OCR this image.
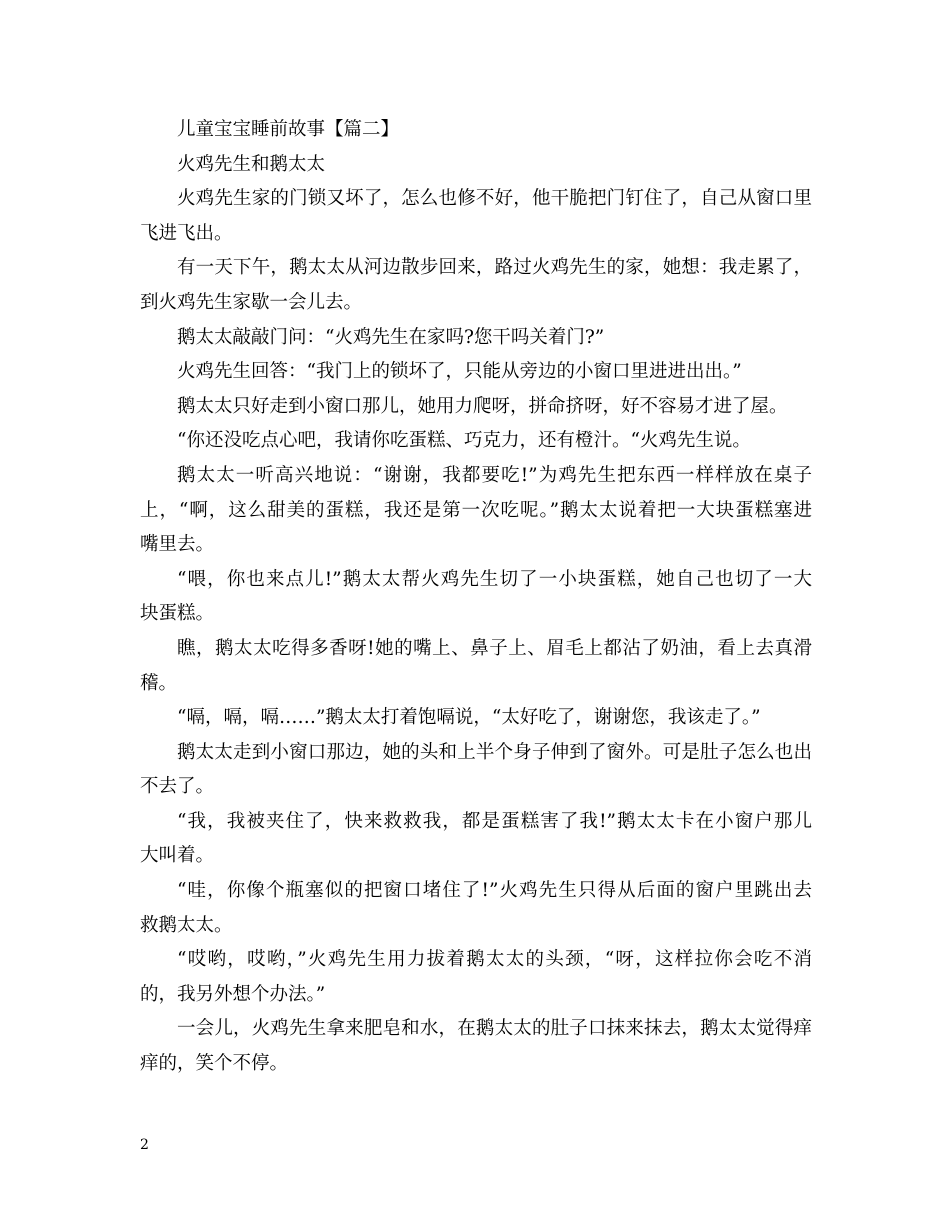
儿童宝宝睡前故事【篇二】
火鸡先生和鹅太太
火鸡先生家的门锁又坏了，怎么也修不好，他干脆把门钉住了，自己从窗口里
飞进飞出。
有一天下午，鹅太太从河边散步回来，路过火鸡先生的家，她想：我走累了，
到火鸡先生家歇一会儿去。
鹅太太敲敲门问：“火鸡先生在家吗?您干吗关着门?”
火鸡先生回答：“我门上的锁坏了，只能从旁边的小窗口里进进出出。”
鹅太太只好走到小窗口那儿，她用力爬呀，拼命挤呀，好不容易才进了屋。
“你还没吃点心吧，我请你吃蛋糕、巧克力，还有橙汁。“火鸡先生说。
鹅太太一听高兴地说：“谢谢，我都要吃!”为鸡先生把东西一样样放在桌子
上，“啊，这么甜美的蛋糕，我还是第一次吃呢。”鹅太太说着把一大块蛋糕塞进
嘴里去。
“喂，你也来点儿!”鹅太太帮火鸡先生切了一小块蛋糕，她自己也切了一大
块蛋糕。
瞧，鹅太太吃得多香呀!她的嘴上、鼻子上、眉毛上都沾了奶油，看上去真滑
稽。
“嗝，嗝，嗝……”鹅太太打着饱嗝说，“太好吃了，谢谢您，我该走了。”
鹅太太走到小窗口那边，她的头和上半个身子伸到了窗外。可是肚子怎么也出
不去了。
“我，我被夹住了，快来救救我，都是蛋糕害了我!”鹅太太卡在小窗户那儿
大叫着。
“哇，你像个瓶塞似的把窗口堵住了!”火鸡先生只得从后面的窗户里跳出去
救鹅太太。
“哎哟，哎哟，”火鸡先生用力拔着鹅太太的头颈，“呀，这样拉你会吃不消
的，我另外想个办法。”
一会儿，火鸡先生拿来肥皂和水，在鹅太太的肚子口抹来抹去，鹅太太觉得痒
痒的，笑个不停。
2
